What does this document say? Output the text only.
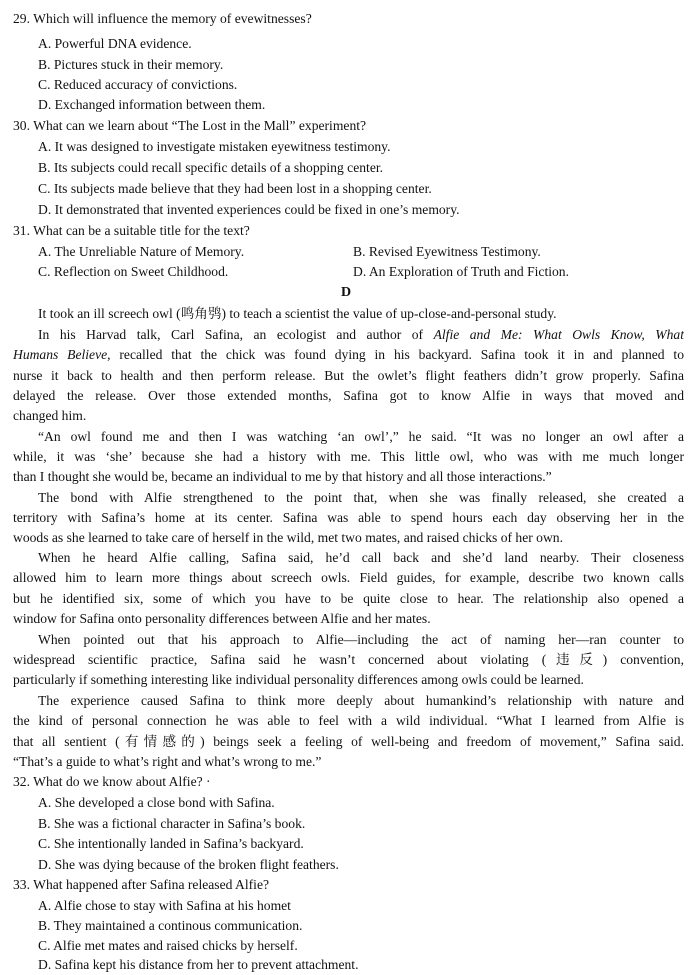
29. Which will influence the memory of evewitnesses?
A. Powerful DNA evidence.
B. Pictures stuck in their memory.
C. Reduced accuracy of convictions.
D. Exchanged information between them.
30. What can we learn about “The Lost in the Mall” experiment?
A. It was designed to investigate mistaken eyewitness testimony.
B. Its subjects could recall specific details of a shopping center.
C. Its subjects made believe that they had been lost in a shopping center.
D. It demonstrated that invented experiences could be fixed in one’s memory.
31. What can be a suitable title for the text?
A. The Unreliable Nature of Memory.	B. Revised Eyewitness Testimony.
C. Reflection on Sweet Childhood.	D. An Exploration of Truth and Fiction.
D
It took an ill screech owl (鸣角鸮) to teach a scientist the value of up-close-and-personal study.
In his Harvad talk, Carl Safina, an ecologist and author of Alfie and Me: What Owls Know, What
Humans Believe, recalled that the chick was found dying in his backyard. Safina took it in and planned to
nurse it back to health and then perform release. But the owlet’s flight feathers didn’t grow properly. Safina
delayed the release. Over those extended months, Safina got to know Alfie in ways that moved and
changed him.
“An owl found me and then I was watching ‘an owl’,” he said. “It was no longer an owl after a
while, it was ‘she’ because she had a history with me. This little owl, who was with me much longer
than I thought she would be, became an individual to me by that history and all those interactions.”
The bond with Alfie strengthened to the point that, when she was finally released, she created a
territory with Safina’s home at its center. Safina was able to spend hours each day observing her in the
woods as she learned to take care of herself in the wild, met two mates, and raised chicks of her own.
When he heard Alfie calling, Safina said, he’d call back and she’d land nearby. Their closeness
allowed him to learn more things about screech owls. Field guides, for example, describe two known calls
but he identified six, some of which you have to be quite close to hear. The relationship also opened a
window for Safina onto personality differences between Alfie and her mates.
When pointed out that his approach to Alfie—including the act of naming her—ran counter to
widespread scientific practice, Safina said he wasn’t concerned about violating (违反) convention,
particularly if something interesting like individual personality differences among owls could be learned.
The experience caused Safina to think more deeply about humankind’s relationship with nature and
the kind of personal connection he was able to feel with a wild individual. “What I learned from Alfie is
that all sentient (有情感的) beings seek a feeling of well-being and freedom of movement,” Safina said.
“That’s a guide to what’s right and what’s wrong to me.”
32. What do we know about Alfie? ·
A. She developed a close bond with Safina.
B. She was a fictional character in Safina’s book.
C. She intentionally landed in Safina’s backyard.
D. She was dying because of the broken flight feathers.
33. What happened after Safina released Alfie?
A. Alfie chose to stay with Safina at his homet
B. They maintained a continous communication.
C. Alfie met mates and raised chicks by herself.
D. Safina kept his distance from her to prevent attachment.
